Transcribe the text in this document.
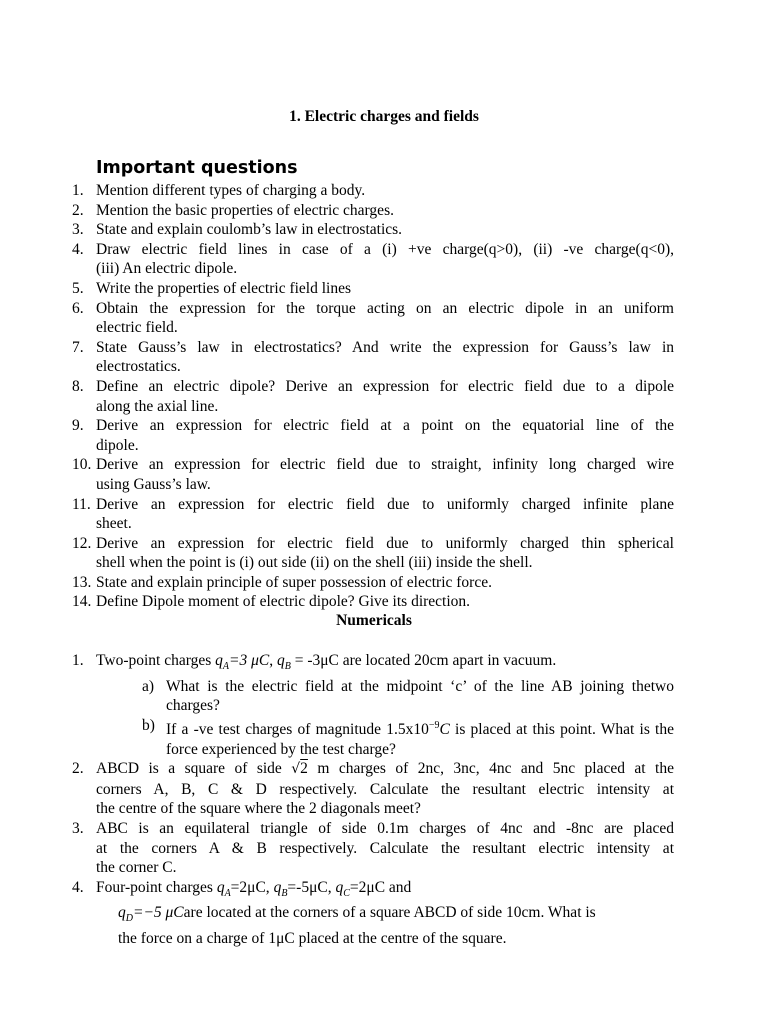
1. Electric charges and fields
Important questions
1. Mention different types of charging a body.
2. Mention the basic properties of electric charges.
3. State and explain coulomb’s law in electrostatics.
4. Draw electric field lines in case of a (i) +ve charge(q>0), (ii) -ve charge(q<0),
(iii) An electric dipole.
5. Write the properties of electric field lines
6. Obtain the expression for the torque acting on an electric dipole in an uniform
electric field.
7. State Gauss’s law in electrostatics? And write the expression for Gauss’s law in
electrostatics.
8. Define an electric dipole? Derive an expression for electric field due to a dipole
along the axial line.
9. Derive an expression for electric field at a point on the equatorial line of the
dipole.
10. Derive an expression for electric field due to straight, infinity long charged wire
using Gauss’s law.
11. Derive an expression for electric field due to uniformly charged infinite plane
sheet.
12. Derive an expression for electric field due to uniformly charged thin spherical
shell when the point is (i) out side (ii) on the shell (iii) inside the shell.
13. State and explain principle of super possession of electric force.
14. Define Dipole moment of electric dipole? Give its direction.
Numericals
1. Two-point charges $q_A=3$ μC, $q_B = -3\mu C$ are located 20cm apart in vacuum.
a) What is the electric field at the midpoint ‘c’ of the line AB joining thetwo charges?
b) If a -ve test charges of magnitude $1.5x10^{-9}C$ is placed at this point. What is the force experienced by the test charge?
2. ABCD is a square of side √2 m charges of 2nc, 3nc, 4nc and 5nc placed at the
corners A, B, C & D respectively. Calculate the resultant electric intensity at
the centre of the square where the 2 diagonals meet?
3. ABC is an equilateral triangle of side 0.1m charges of 4nc and -8nc are placed
at the corners A & B respectively. Calculate the resultant electric intensity at
the corner C.
4. Four-point charges $q_A=2\mu C$, $q_B=-5\mu C$, $q_C=2\mu C$ and
$q_D=-5$ μCare located at the corners of a square ABCD of side 10cm. What is
the force on a charge of 1μC placed at the centre of the square.
